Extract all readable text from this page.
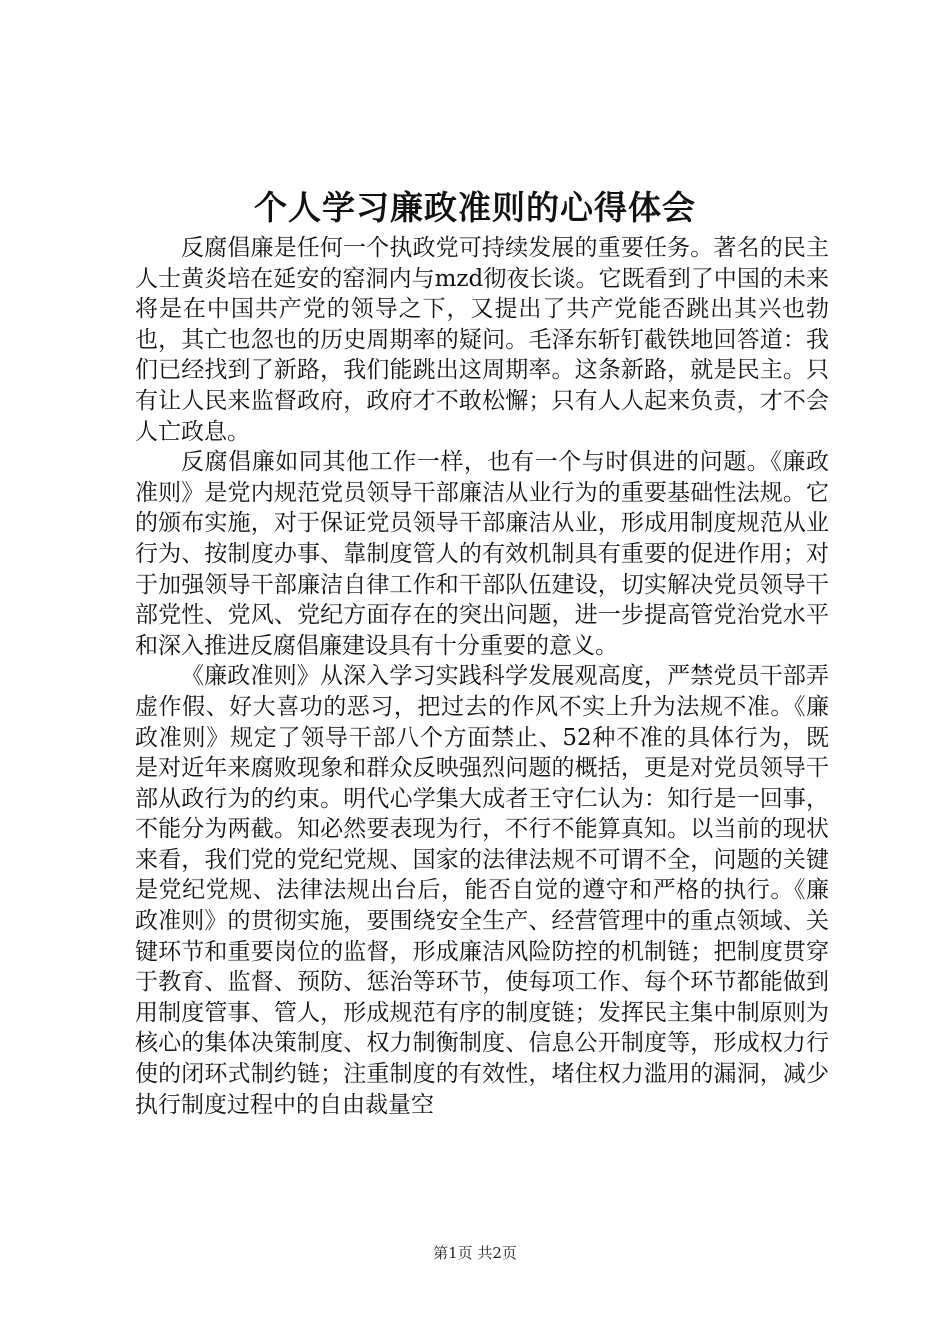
个人学习廉政准则的心得体会

反腐倡廉是任何一个执政党可持续发展的重要任务。著名的民主人士黄炎培在延安的窑洞内与mzd彻夜长谈。它既看到了中国的未来将是在中国共产党的领导之下，又提出了共产党能否跳出其兴也勃也，其亡也忽也的历史周期率的疑问。毛泽东斩钉截铁地回答道：我们已经找到了新路，我们能跳出这周期率。这条新路，就是民主。只有让人民来监督政府，政府才不敢松懈；只有人人起来负责，才不会人亡政息。

反腐倡廉如同其他工作一样，也有一个与时俱进的问题。《廉政准则》是党内规范党员领导干部廉洁从业行为的重要基础性法规。它的颁布实施，对于保证党员领导干部廉洁从业，形成用制度规范从业行为、按制度办事、靠制度管人的有效机制具有重要的促进作用；对于加强领导干部廉洁自律工作和干部队伍建设，切实解决党员领导干部党性、党风、党纪方面存在的突出问题，进一步提高管党治党水平和深入推进反腐倡廉建设具有十分重要的意义。

《廉政准则》从深入学习实践科学发展观高度，严禁党员干部弄虚作假、好大喜功的恶习，把过去的作风不实上升为法规不准。《廉政准则》规定了领导干部八个方面禁止、52种不准的具体行为，既是对近年来腐败现象和群众反映强烈问题的概括，更是对党员领导干部从政行为的约束。明代心学集大成者王守仁认为：知行是一回事，不能分为两截。知必然要表现为行，不行不能算真知。以当前的现状来看，我们党的党纪党规、国家的法律法规不可谓不全，问题的关键是党纪党规、法律法规出台后，能否自觉的遵守和严格的执行。《廉政准则》的贯彻实施，要围绕安全生产、经营管理中的重点领域、关键环节和重要岗位的监督，形成廉洁风险防控的机制链；把制度贯穿于教育、监督、预防、惩治等环节，使每项工作、每个环节都能做到用制度管事、管人，形成规范有序的制度链；发挥民主集中制原则为核心的集体决策制度、权力制衡制度、信息公开制度等，形成权力行使的闭环式制约链；注重制度的有效性，堵住权力滥用的漏洞，减少执行制度过程中的自由裁量空

第1页 共2页
